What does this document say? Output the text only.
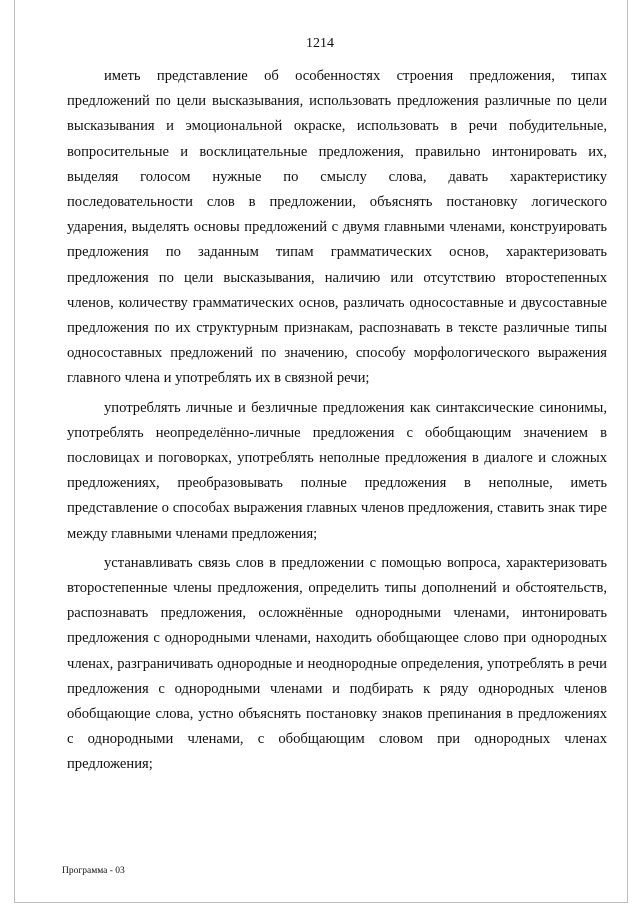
1214

иметь представление об особенностях строения предложения, типах предложений по цели высказывания, использовать предложения различные по цели высказывания и эмоциональной окраске, использовать в речи побудительные, вопросительные и восклицательные предложения, правильно интонировать их, выделяя голосом нужные по смыслу слова, давать характеристику последовательности слов в предложении, объяснять постановку логического ударения, выделять основы предложений с двумя главными членами, конструировать предложения по заданным типам грамматических основ, характеризовать предложения по цели высказывания, наличию или отсутствию второстепенных членов, количеству грамматических основ, различать односоставные и двусоставные предложения по их структурным признакам, распознавать в тексте различные типы односоставных предложений по значению, способу морфологического выражения главного члена и употреблять их в связной речи;

употреблять личные и безличные предложения как синтаксические синонимы, употреблять неопределённо-личные предложения с обобщающим значением в пословицах и поговорках, употреблять неполные предложения в диалоге и сложных предложениях, преобразовывать полные предложения в неполные, иметь представление о способах выражения главных членов предложения, ставить знак тире между главными членами предложения;

устанавливать связь слов в предложении с помощью вопроса, характеризовать второстепенные члены предложения, определить типы дополнений и обстоятельств, распознавать предложения, осложнённые однородными членами, интонировать предложения с однородными членами, находить обобщающее слово при однородных членах, разграничивать однородные и неоднородные определения, употреблять в речи предложения с однородными членами и подбирать к ряду однородных членов обобщающие слова, устно объяснять постановку знаков препинания в предложениях с однородными членами, с обобщающим словом при однородных членах предложения;

Программа - 03
